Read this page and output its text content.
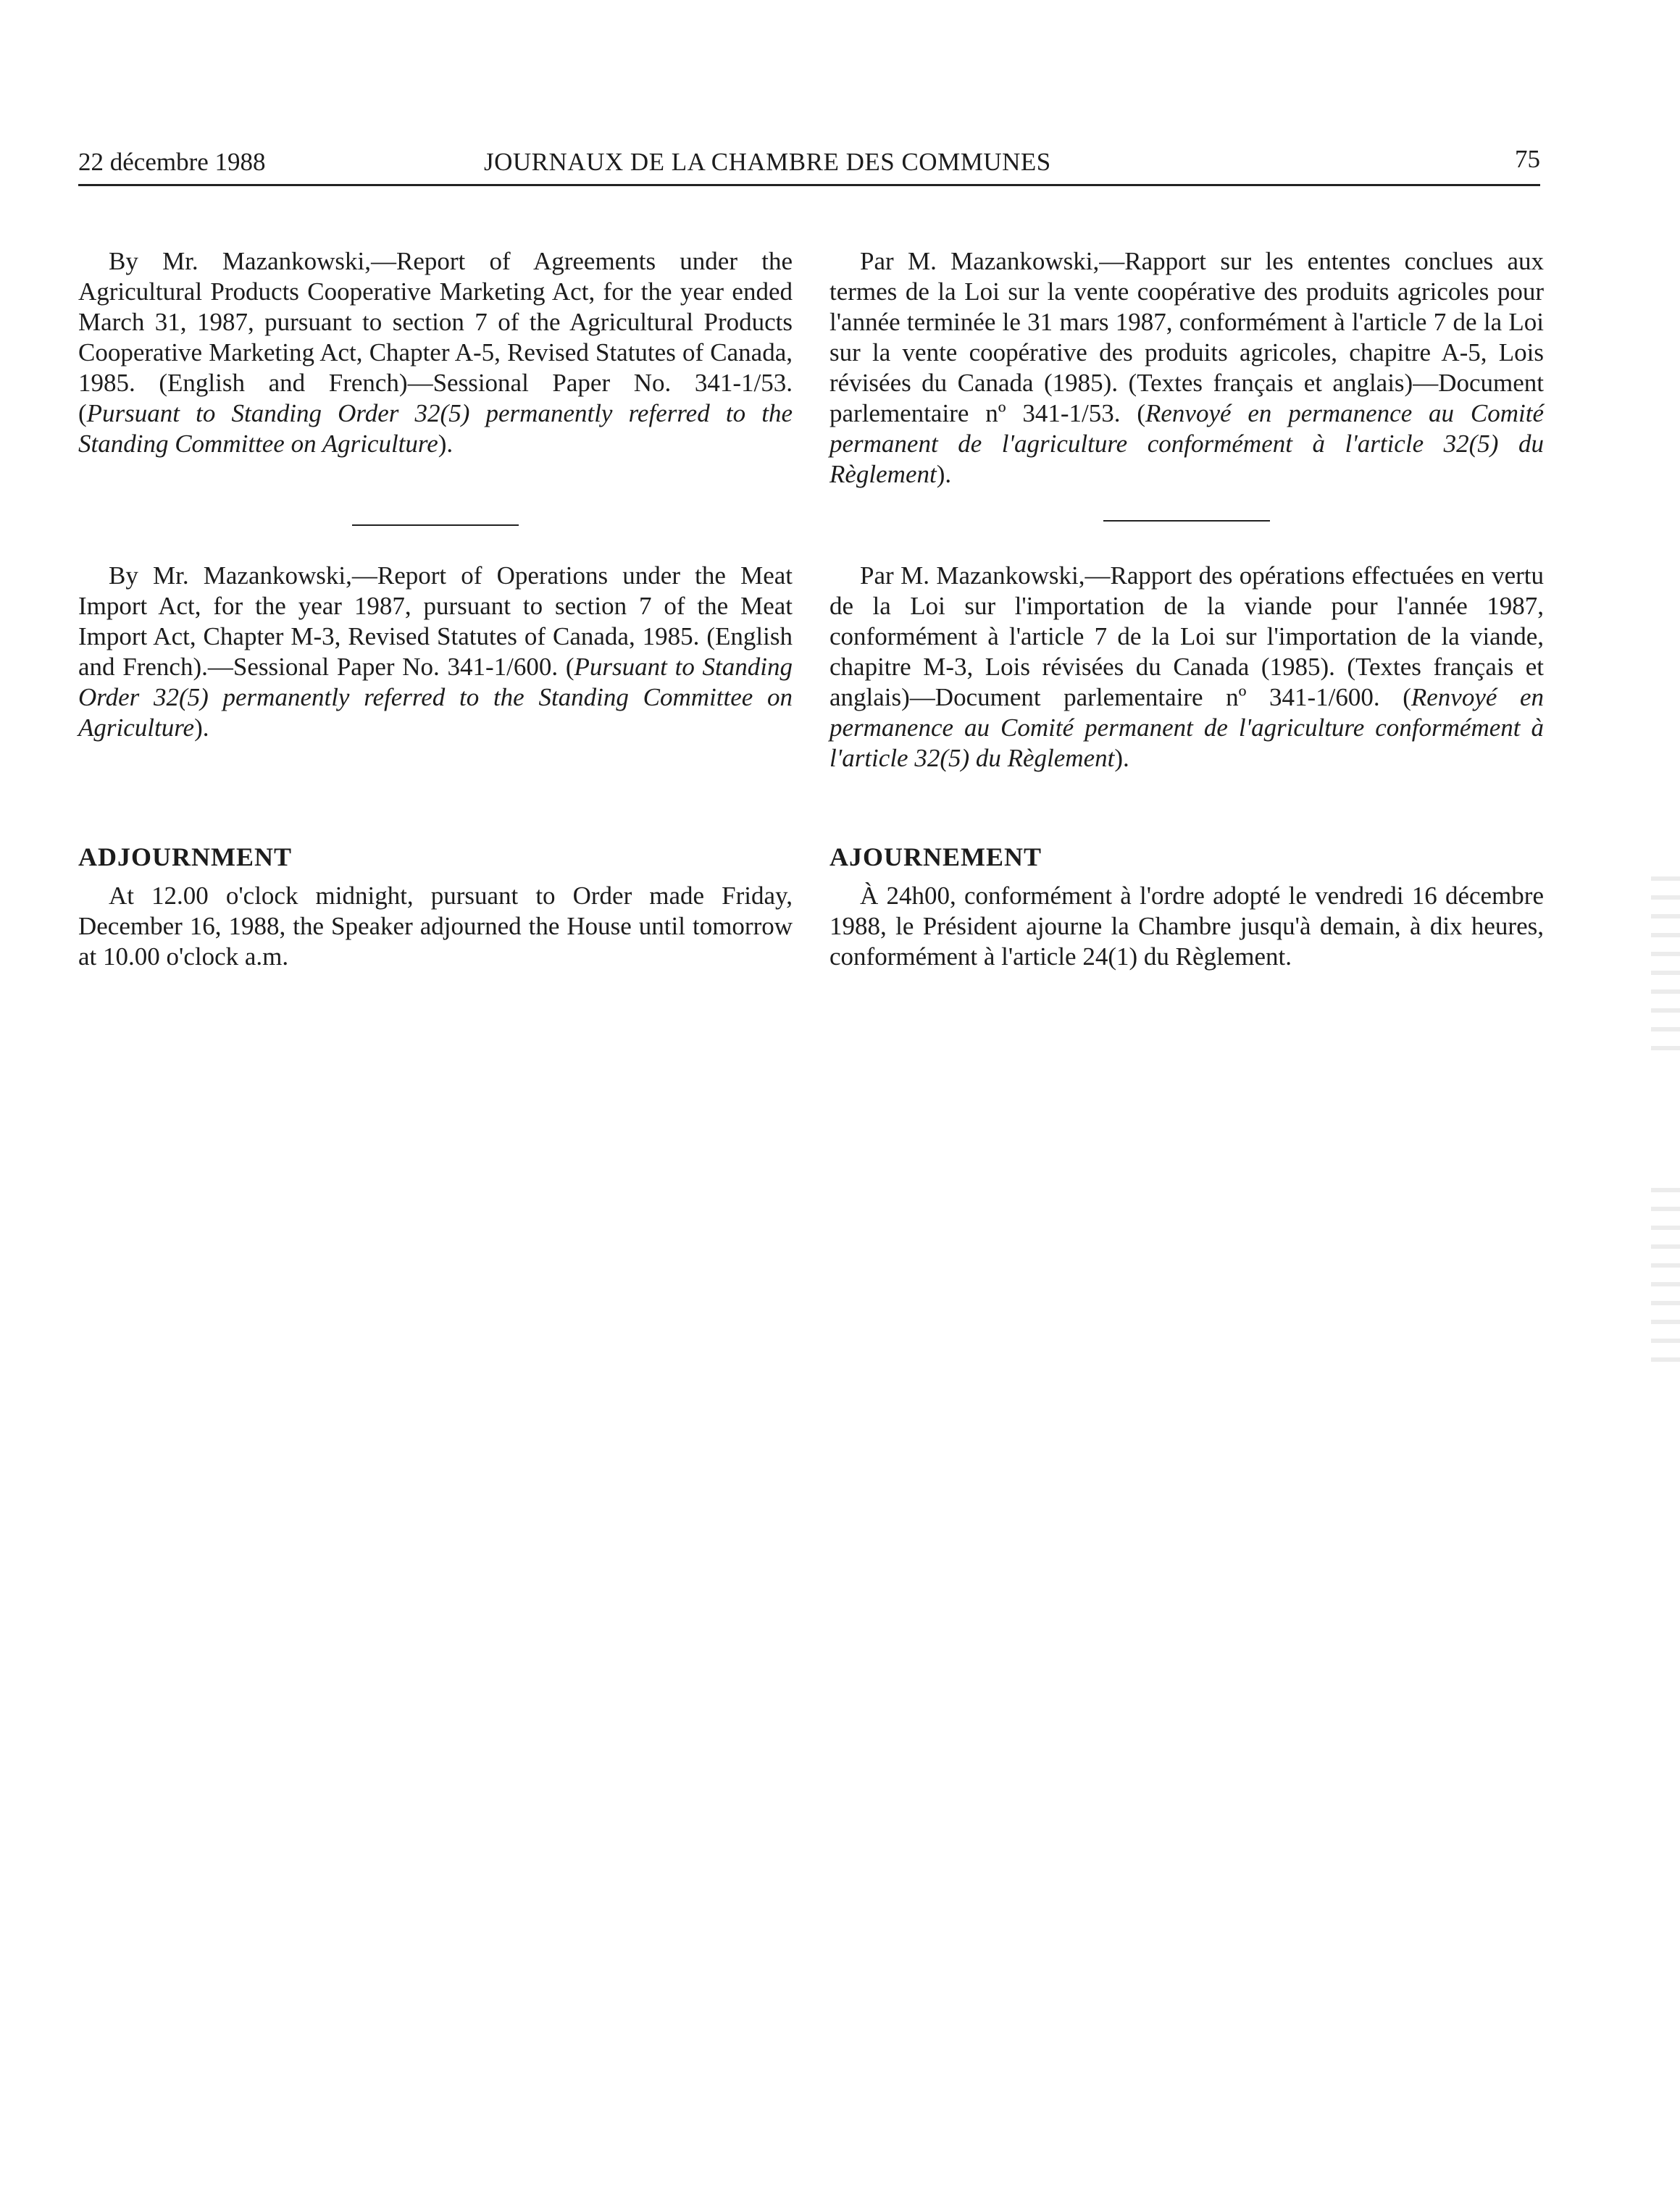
22 décembre 1988	JOURNAUX DE LA CHAMBRE DES COMMUNES	75

By Mr. Mazankowski,—Report of Agreements under the Agricultural Products Cooperative Marketing Act, for the year ended March 31, 1987, pursuant to section 7 of the Agricultural Products Cooperative Marketing Act, Chapter A-5, Revised Statutes of Canada, 1985. (English and French)—Sessional Paper No. 341-1/53. (Pursuant to Standing Order 32(5) permanently referred to the Standing Committee on Agriculture).

By Mr. Mazankowski,—Report of Operations under the Meat Import Act, for the year 1987, pursuant to section 7 of the Meat Import Act, Chapter M-3, Revised Statutes of Canada, 1985. (English and French).—Sessional Paper No. 341-1/600. (Pursuant to Standing Order 32(5) permanently referred to the Standing Committee on Agriculture).

ADJOURNMENT

At 12.00 o'clock midnight, pursuant to Order made Friday, December 16, 1988, the Speaker adjourned the House until tomorrow at 10.00 o'clock a.m.

Par M. Mazankowski,—Rapport sur les ententes conclues aux termes de la Loi sur la vente coopérative des produits agricoles pour l'année terminée le 31 mars 1987, conformément à l'article 7 de la Loi sur la vente coopérative des produits agricoles, chapitre A-5, Lois révisées du Canada (1985). (Textes français et anglais)—Document parlementaire nº 341-1/53. (Renvoyé en permanence au Comité permanent de l'agriculture conformément à l'article 32(5) du Règlement).

Par M. Mazankowski,—Rapport des opérations effectuées en vertu de la Loi sur l'importation de la viande pour l'année 1987, conformément à l'article 7 de la Loi sur l'importation de la viande, chapitre M-3, Lois révisées du Canada (1985). (Textes français et anglais)—Document parlementaire nº 341-1/600. (Renvoyé en permanence au Comité permanent de l'agriculture conformément à l'article 32(5) du Règlement).

AJOURNEMENT

À 24h00, conformément à l'ordre adopté le vendredi 16 décembre 1988, le Président ajourne la Chambre jusqu'à demain, à dix heures, conformément à l'article 24(1) du Règlement.
